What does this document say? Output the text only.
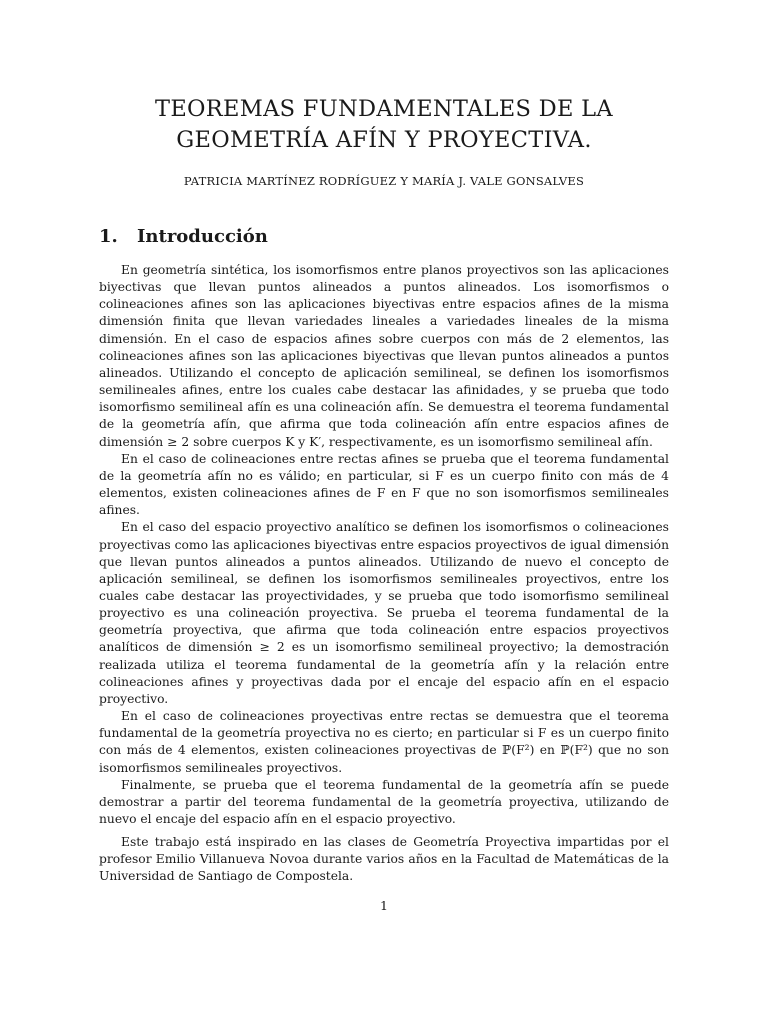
TEOREMAS FUNDAMENTALES DE LA
GEOMETRÍA AFÍN Y PROYECTIVA.

PATRICIA MARTÍNEZ RODRÍGUEZ Y MARÍA J. VALE GONSALVES

1. Introducción

En geometría sintética, los isomorfismos entre planos proyectivos son las aplicaciones biyectivas que llevan puntos alineados a puntos alineados. Los isomorfismos o colineaciones afines son las aplicaciones biyectivas entre espacios afines de la misma dimensión finita que llevan variedades lineales a variedades lineales de la misma dimensión. En el caso de espacios afines sobre cuerpos con más de 2 elementos, las colineaciones afines son las aplicaciones biyectivas que llevan puntos alineados a puntos alineados. Utilizando el concepto de aplicación semilineal, se definen los isomorfismos semilineales afines, entre los cuales cabe destacar las afinidades, y se prueba que todo isomorfismo semilineal afín es una colineación afín. Se demuestra el teorema fundamental de la geometría afín, que afirma que toda colineación afín entre espacios afines de dimensión ≥ 2 sobre cuerpos K y K′, respectivamente, es un isomorfismo semilineal afín.

En el caso de colineaciones entre rectas afines se prueba que el teorema fundamental de la geometría afín no es válido; en particular, si F es un cuerpo finito con más de 4 elementos, existen colineaciones afines de F en F que no son isomorfismos semilineales afines.

En el caso del espacio proyectivo analítico se definen los isomorfismos o colineaciones proyectivas como las aplicaciones biyectivas entre espacios proyectivos de igual dimensión que llevan puntos alineados a puntos alineados. Utilizando de nuevo el concepto de aplicación semilineal, se definen los isomorfismos semilineales proyectivos, entre los cuales cabe destacar las proyectividades, y se prueba que todo isomorfismo semilineal proyectivo es una colineación proyectiva. Se prueba el teorema fundamental de la geometría proyectiva, que afirma que toda colineación entre espacios proyectivos analíticos de dimensión ≥ 2 es un isomorfismo semilineal proyectivo; la demostración realizada utiliza el teorema fundamental de la geometría afín y la relación entre colineaciones afines y proyectivas dada por el encaje del espacio afín en el espacio proyectivo.

En el caso de colineaciones proyectivas entre rectas se demuestra que el teorema fundamental de la geometría proyectiva no es cierto; en particular si F es un cuerpo finito con más de 4 elementos, existen colineaciones proyectivas de ℙ(F²) en ℙ(F²) que no son isomorfismos semilineales proyectivos.

Finalmente, se prueba que el teorema fundamental de la geometría afín se puede demostrar a partir del teorema fundamental de la geometría proyectiva, utilizando de nuevo el encaje del espacio afín en el espacio proyectivo.

Este trabajo está inspirado en las clases de Geometría Proyectiva impartidas por el profesor Emilio Villanueva Novoa durante varios años en la Facultad de Matemáticas de la Universidad de Santiago de Compostela.

1
